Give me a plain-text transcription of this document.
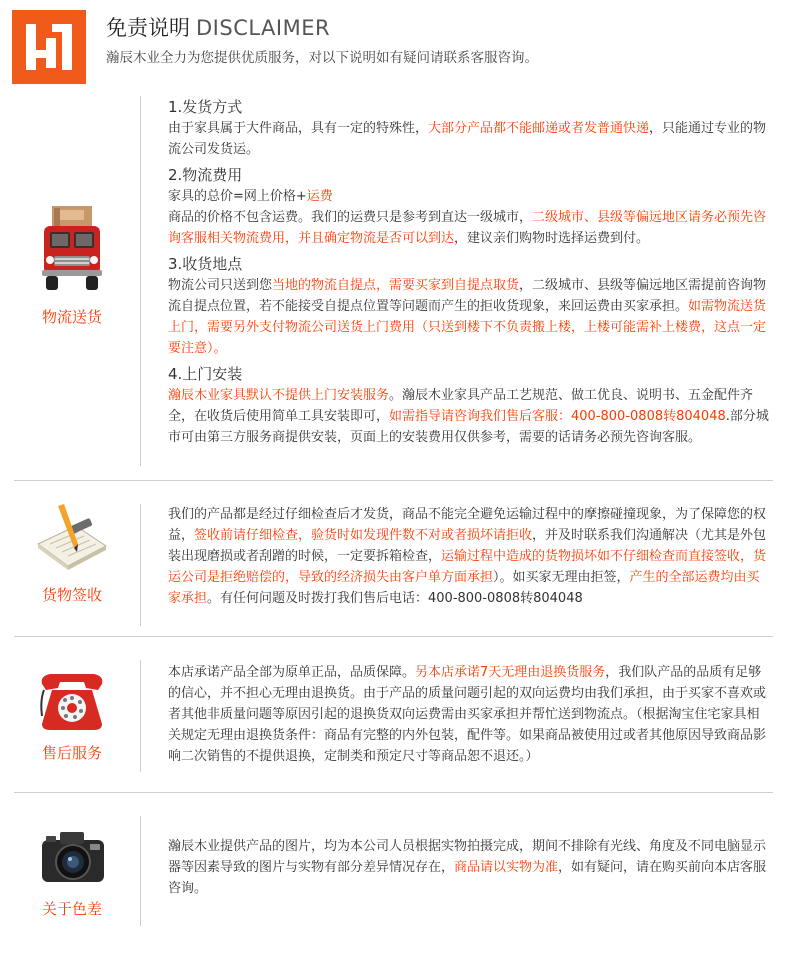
免责说明 DISCLAIMER
瀚辰木业全力为您提供优质服务，对以下说明如有疑问请联系客服咨询。
物流送货
1.发货方式

由于家具属于大件商品，具有一定的特殊性，大部分产品都不能邮递或者发普通快递，只能通过专业的物流公司发货运。

2.物流费用

家具的总价=网上价格+运费

商品的价格不包含运费。我们的运费只是参考到直达一级城市，二级城市、县级等偏远地区请务必预先咨询客服相关物流费用，并且确定物流是否可以到达，建议亲们购物时选择运费到付。

3.收货地点

物流公司只送到您当地的物流自提点，需要买家到自提点取货，二级城市、县级等偏远地区需提前咨询物流自提点位置，若不能接受自提点位置等问题而产生的拒收货现象，来回运费由买家承担。如需物流送货上门，需要另外支付物流公司送货上门费用（只送到楼下不负责搬上楼，上楼可能需补上楼费，这点一定要注意）。

4.上门安装

瀚辰木业家具默认不提供上门安装服务。瀚辰木业家具产品工艺规范、做工优良、说明书、五金配件齐全，在收货后使用简单工具安装即可，如需指导请咨询我们售后客服：400-800-0808转804048.部分城市可由第三方服务商提供安装，页面上的安装费用仅供参考，需要的话请务必预先咨询客服。

货物签收

我们的产品都是经过仔细检查后才发货，商品不能完全避免运输过程中的摩擦碰撞现象，为了保障您的权益，签收前请仔细检查，验货时如发现件数不对或者损坏请拒收，并及时联系我们沟通解决（尤其是外包装出现磨损或者刮蹭的时候，一定要拆箱检查，运输过程中造成的货物损坏如不仔细检查而直接签收，货运公司是拒绝赔偿的，导致的经济损失由客户单方面承担）。如买家无理由拒签，产生的全部运费均由买家承担。有任何问题及时拨打我们售后电话：400-800-0808转804048

售后服务

本店承诺产品全部为原单正品，品质保障。另本店承诺7天无理由退换货服务，我们队产品的品质有足够的信心，并不担心无理由退换货。由于产品的质量问题引起的双向运费均由我们承担，由于买家不喜欢或者其他非质量问题等原因引起的退换货双向运费需由买家承担并帮忙送到物流点。（根据淘宝住宅家具相关规定无理由退换货条件：商品有完整的内外包装，配件等。如果商品被使用过或者其他原因导致商品影响二次销售的不提供退换，定制类和预定尺寸等商品恕不退还。）

关于色差

瀚辰木业提供产品的图片，均为本公司人员根据实物拍摄完成，期间不排除有光线、角度及不同电脑显示器等因素导致的图片与实物有部分差异情况存在，商品请以实物为准，如有疑问，请在购买前向本店客服咨询。
